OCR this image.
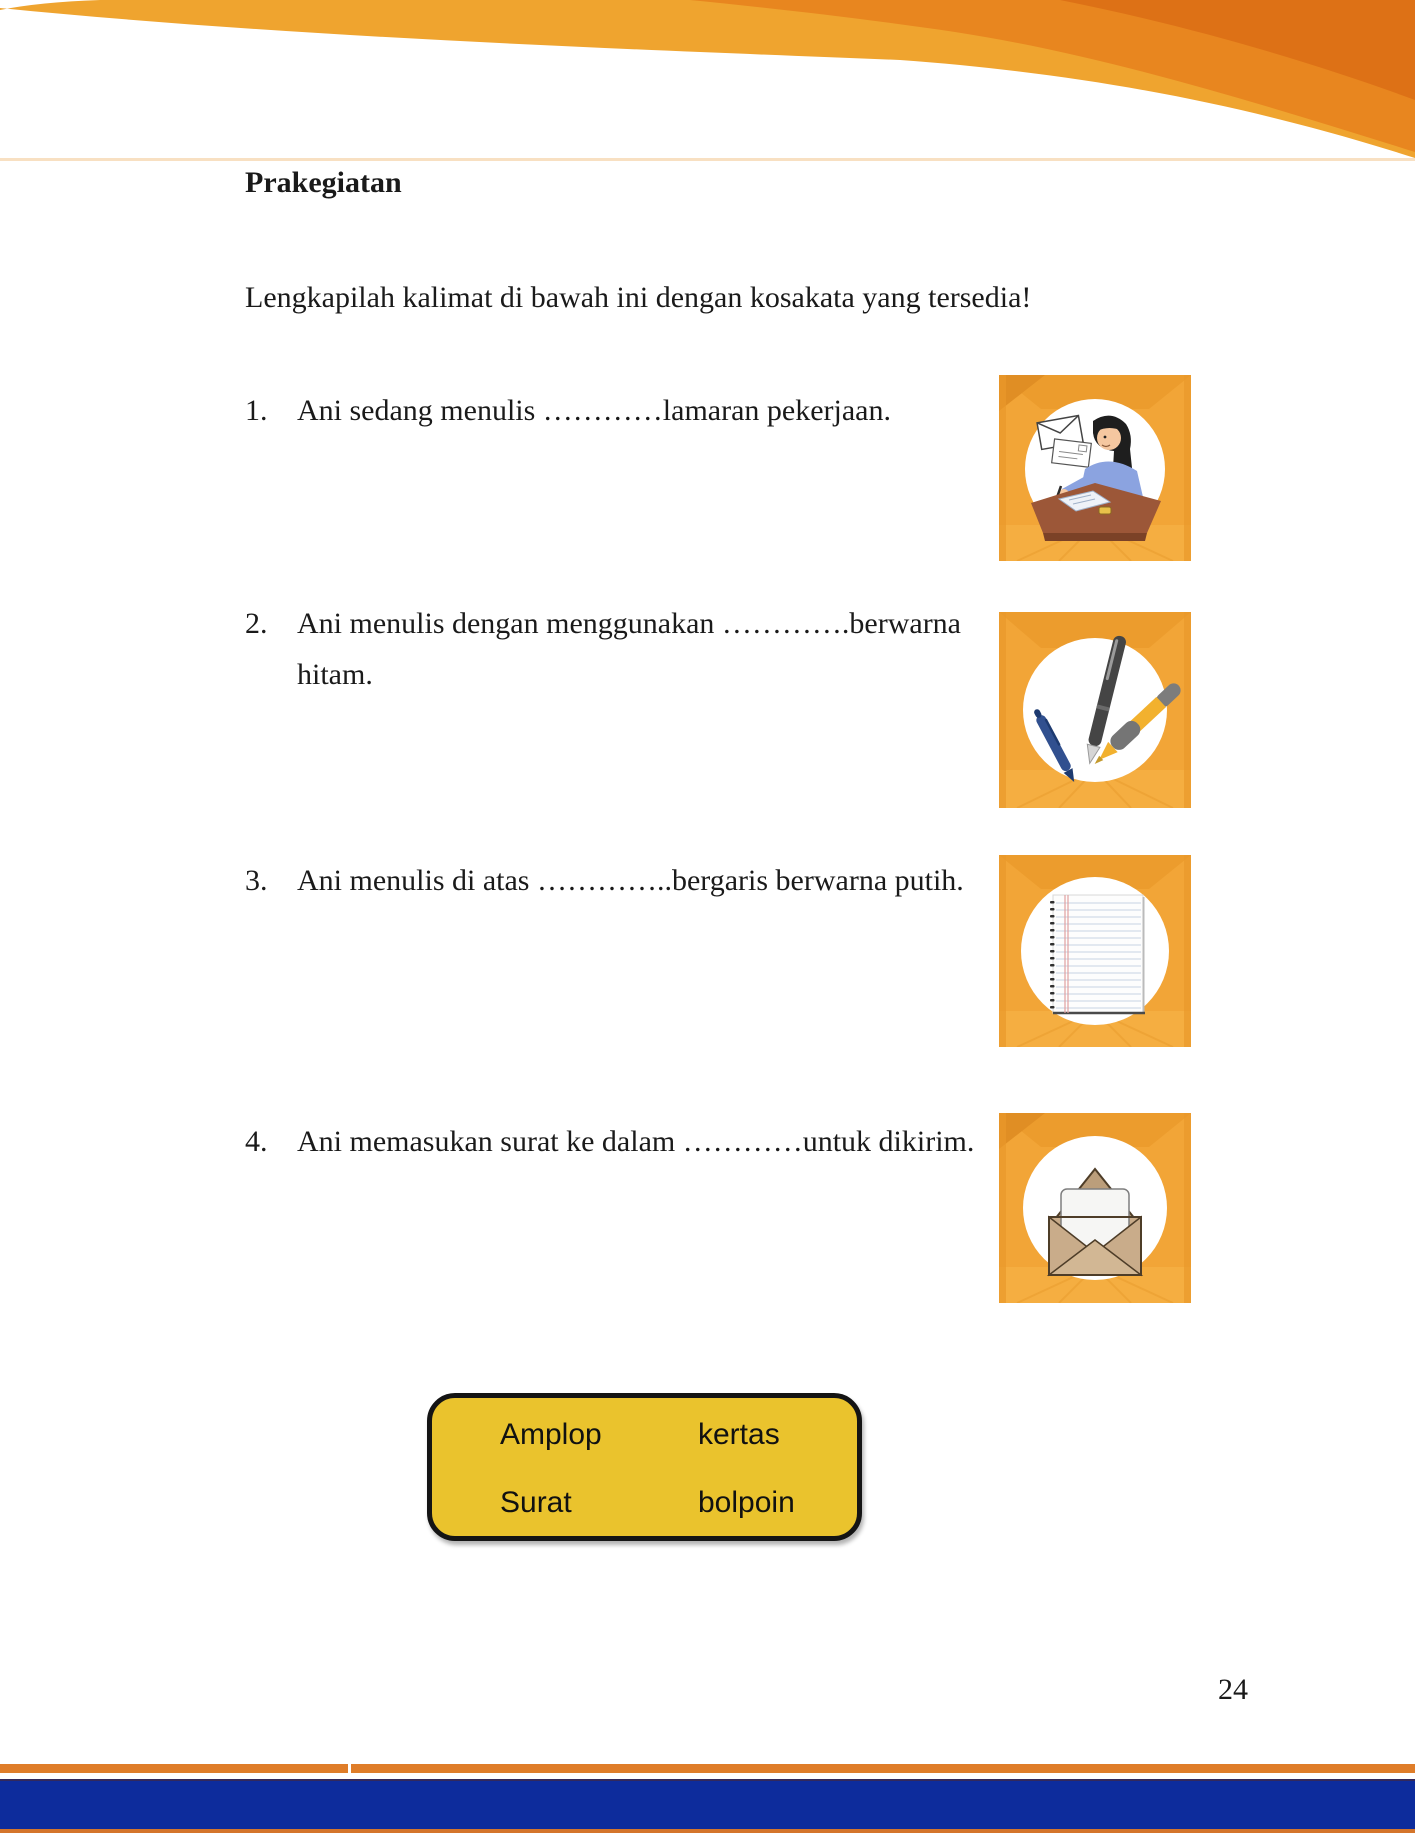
Prakegiatan
Lengkapilah kalimat di bawah ini dengan kosakata yang tersedia!
1. Ani sedang menulis …………lamaran pekerjaan.
2. Ani menulis dengan menggunakan ………….berwarna
hitam.
3. Ani menulis di atas …………..bergaris berwarna putih.
4. Ani memasukan surat ke dalam …………untuk dikirim.
Amplop	kertas
Surat	bolpoin
24
